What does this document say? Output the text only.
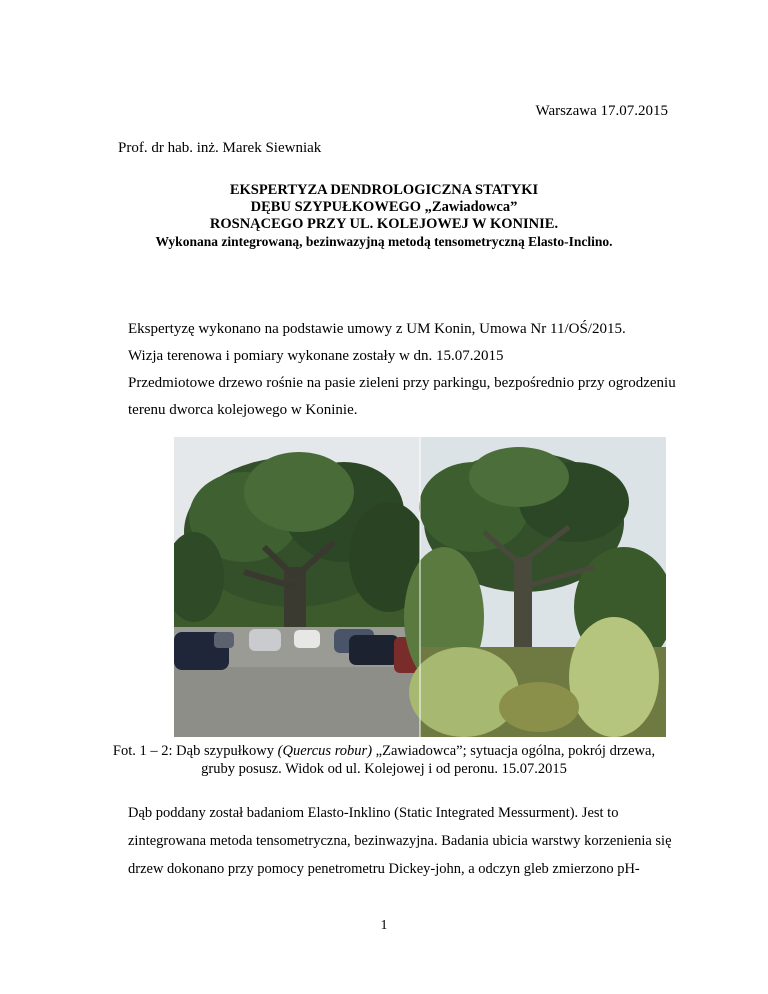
Warszawa 17.07.2015
Prof. dr hab. inż. Marek Siewniak
EKSPERTYZA DENDROLOGICZNA STATYKI
DĘBU SZYPUŁKOWEGO „Zawiadowca”
ROSNĄCEGO PRZY UL. KOLEJOWEJ W KONINIE.
Wykonana zintegrowaną, bezinwazyjną metodą tensometryczną Elasto-Inclino.
Ekspertyzę wykonano na podstawie umowy z UM Konin, Umowa Nr 11/OŚ/2015.
Wizja terenowa i pomiary wykonane zostały w dn. 15.07.2015
Przedmiotowe drzewo rośnie na pasie zieleni przy parkingu, bezpośrednio przy ogrodzeniu
terenu dworca kolejowego w Koninie.
Fot. 1 – 2: Dąb szypułkowy (Quercus robur) „Zawiadowca”; sytuacja ogólna, pokrój drzewa,
gruby posusz. Widok od ul. Kolejowej i od peronu. 15.07.2015
Dąb poddany został badaniom Elasto-Inklino (Static Integrated Messurment). Jest to
zintegrowana metoda tensometryczna, bezinwazyjna. Badania ubicia warstwy korzenienia się
drzew dokonano przy pomocy penetrometru Dickey-john, a odczyn gleb zmierzono pH-
1
